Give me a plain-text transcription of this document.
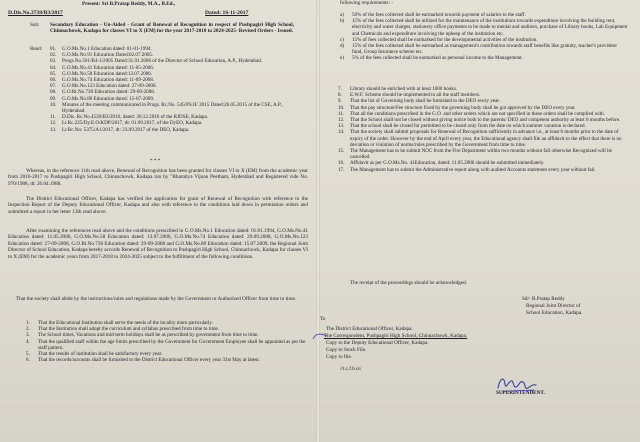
Present: Sri B.Pratap Reddy, M.A., B.Ed.,
D.Dis.No.3738/B3/2017	Dated: 16-11-2017
Sub: Secondary Education - Un-Aided - Grant of Renewal of Recognition in respect of Pushpagiri High School, Chinnachowk, Kadapa for classes VI to X (EM) for the year 2017-2018 to 2024-2025- Revised Orders - Issued.
Read: 01.	G.O.Ms.No.1 Education dated: 01-01-1994.
02.	G.O.Ms.No.91 Education Dated:02.07.2005.
03.	Progs.No.501/B4-1/2005 Dated:31.01.2006 of the Director of School Education, A.P., Hyderabad.
04.	G.O.Ms.No.41 Education dated: 11-05-2006.
05.	G.O.Ms.No.58 Education dated:13.07.2006.
06.	G.O.Ms.No.74 Education dated: 11-09-2008.
07.	G.O.Ms.No.123 Education dated: 27-09-2008.
08.	G.O.Rt.No.730 Education dated: 29-09-2008.
09.	G.O.Ms.No.80 Education dated: 15-07-2009.
10.	Minutes of the meeting communicated in Progs. Rc.No. 545/PS.II/ 2015 Dated:26.05.2015 of the CSE, A.P., Hyderabad.
11.	D.Dis. Rc.No.4520/B3/2016, dated: 30.12.2016 of the RJDSE, Kadapa.
12.	Lr.Rc.225/Dy.E.O/KDP/2017, dt: 01.09.2017, of the DyEO, Kadapa.
13.	Lr.Rc.No: 5375/A1/2017, dt: 23.09.2017 of the DEO, Kadapa.
* * *
Whereas, in the reference 11th read above, Renewal of Recognition has been granted for classes VI to X (EM) from the academic year from 2016-2017 to Pushpagiri High School, Chinnachowk, Kadapa run by "Bharatiya Vijnan Peetham, Hyderabad and Registered vide No. 970/1988, dt: 26.04.1988.
The District Educational Officer, Kadapa has verified the application for grant of Renewal of Recognition with reference to the Inspection Report of the Deputy Educational Officer, Kadapa and also with reference to the conditions laid down in permission orders and submitted a report in her letter 13th read above.
After examining the references read above and the conditions prescribed in G.O.Ms.No.1 Education dated: 01.01.1994, G.O.Ms.No.41 Education dated: 11.05.2006, G.O.Ms.No.58 Education dated: 13.07.2006, G.O.Ms.No.74 Education dated: 29.09.2008, G.O.Ms.No.123 Education dated: 27-09-2008, G.O.Rt.No.730 Education dated: 29-09-2008 and G.O.Ms.No.80 Education dated: 15.07.2009, the Regional Joint Director of School Education, Kadapa hereby accords Renewal of Recognition to Pushpagiri High School, Chinnachowk, Kadapa for classes VI to X (EM) for the academic years from 2017-2018 to 2024-2025 subject to the fulfillment of the following conditions.
That the society shall abide by the instructions/rules and regulations made by the Government or Authorized Officer from time to time.
1.	That the Educational Institution shall serve the needs of the locality more particularly.
2.	That the Institution shall adopt the curriculum and syllabus prescribed from time to time.
3.	The School times, Vacations and mid-term holidays shall be as prescribed by government from time to time.
4.	That the qualified staff within the age limits prescribed by the Government for Government Employee shall be appointed as per the staff pattern.
5.	That the results of institution shall be satisfactory every year.
6.	That the records/accounts shall be furnished to the District Educational Officer every year 31st May at latest.
following requirements: -
a)	50% of the fees collected shall be earmarked towards payment of salaries to the staff.
b)	15% of the fees collected shall be utilized for the maintenance of the institutions towards expenditure involving the building rent, electricity and water charges, stationery office payments to be made to menial and auditors, purchase of Library books, Lab Equipment and Chemicals and expenditure involving the upkeep of the institution etc.
c)	15% of fees collected shall be earmarked for the developmental activities of the institution.
d)	15% of the fees collected shall be earmarked as management's contribution towards staff benefits like gratuity, teacher's provident fund, Group Insurance scheme etc.
e)	5% of the fees collected shall be earmarked as personal income to the Management.
7.	Library should be enriched with at least 1000 books.
8.	E.W.F. Scheme should be implemented to all the staff members.
9.	That the list of Governing body shall be furnished to the DEO every year.
10.	That the pay structure/Fee structure fixed by the governing body shall be got approved by the DEO every year.
11.	That all the conditions prescribed in the G.O. and other orders which are not specified in these orders shall be complied with.
12.	That the School shall not be closed without giving notice both to the parents/ DEO and competent authority at least 6 months before.
13.	That the school shall be closed for permitted to be closed only from the date on which summer vacation is declared.
14.	That the society shall submit proposals for Renewal of Recognition sufficiently in advance i.e., at least 6 months prior to the date of expiry of the order. However by the end of April every year, the Educational agency shall file an affidavit to the effect that there is no deviation or violation of norms/rules prescribed by the Government from time to time.
15.	The Management has to be submit NOC from the Fire Department within two months without fall otherwise Recognized will be cancelled.
16.	Affidavit as per G.O.Ms.No. 41Education, dated: 11.05.2006 should be submitted immediately.
17.	The Management has to submit the Administrative report along with audited Accounts statement every year without fail.
The receipt of the proceedings should be acknowledged.
Sd/- B.Pratap Reddy
Regional Joint Director of
School Education, Kadapa.
To
The District Educational Officer, Kadapa.
The Correspondent, Pushpagiri High School, Chinnachowk, Kadapa.
Copy to the Deputy Educational Officer, Kadapa.
Copy to Stock File.
Copy to file.
//t.c.f.b.o//
SUPERINTENDENT.
